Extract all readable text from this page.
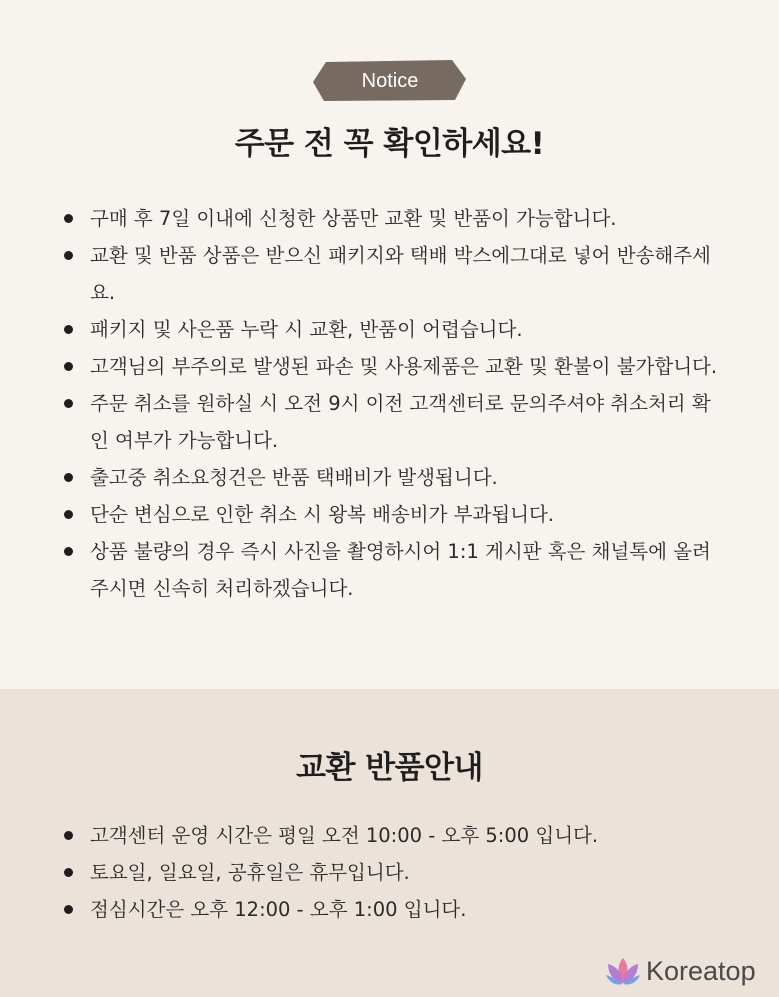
Notice
주문 전 꼭 확인하세요!
구매 후 7일 이내에 신청한 상품만 교환 및 반품이 가능합니다.
교환 및 반품 상품은 받으신 패키지와 택배 박스에그대로 넣어 반송해주세요.
패키지 및 사은품 누락 시 교환, 반품이 어렵습니다.
고객님의 부주의로 발생된 파손 및 사용제품은 교환 및 환불이 불가합니다.
주문 취소를 원하실 시 오전 9시 이전 고객센터로 문의주셔야 취소처리 확인 여부가 가능합니다.
출고중 취소요청건은 반품 택배비가 발생됩니다.
단순 변심으로 인한 취소 시 왕복 배송비가 부과됩니다.
상품 불량의 경우 즉시 사진을 촬영하시어 1:1 게시판 혹은 채널톡에 올려주시면 신속히 처리하겠습니다.
교환 반품안내
고객센터 운영 시간은 평일 오전 10:00 - 오후 5:00 입니다.
토요일, 일요일, 공휴일은 휴무입니다.
점심시간은 오후 12:00 - 오후 1:00 입니다.
Koreatop
